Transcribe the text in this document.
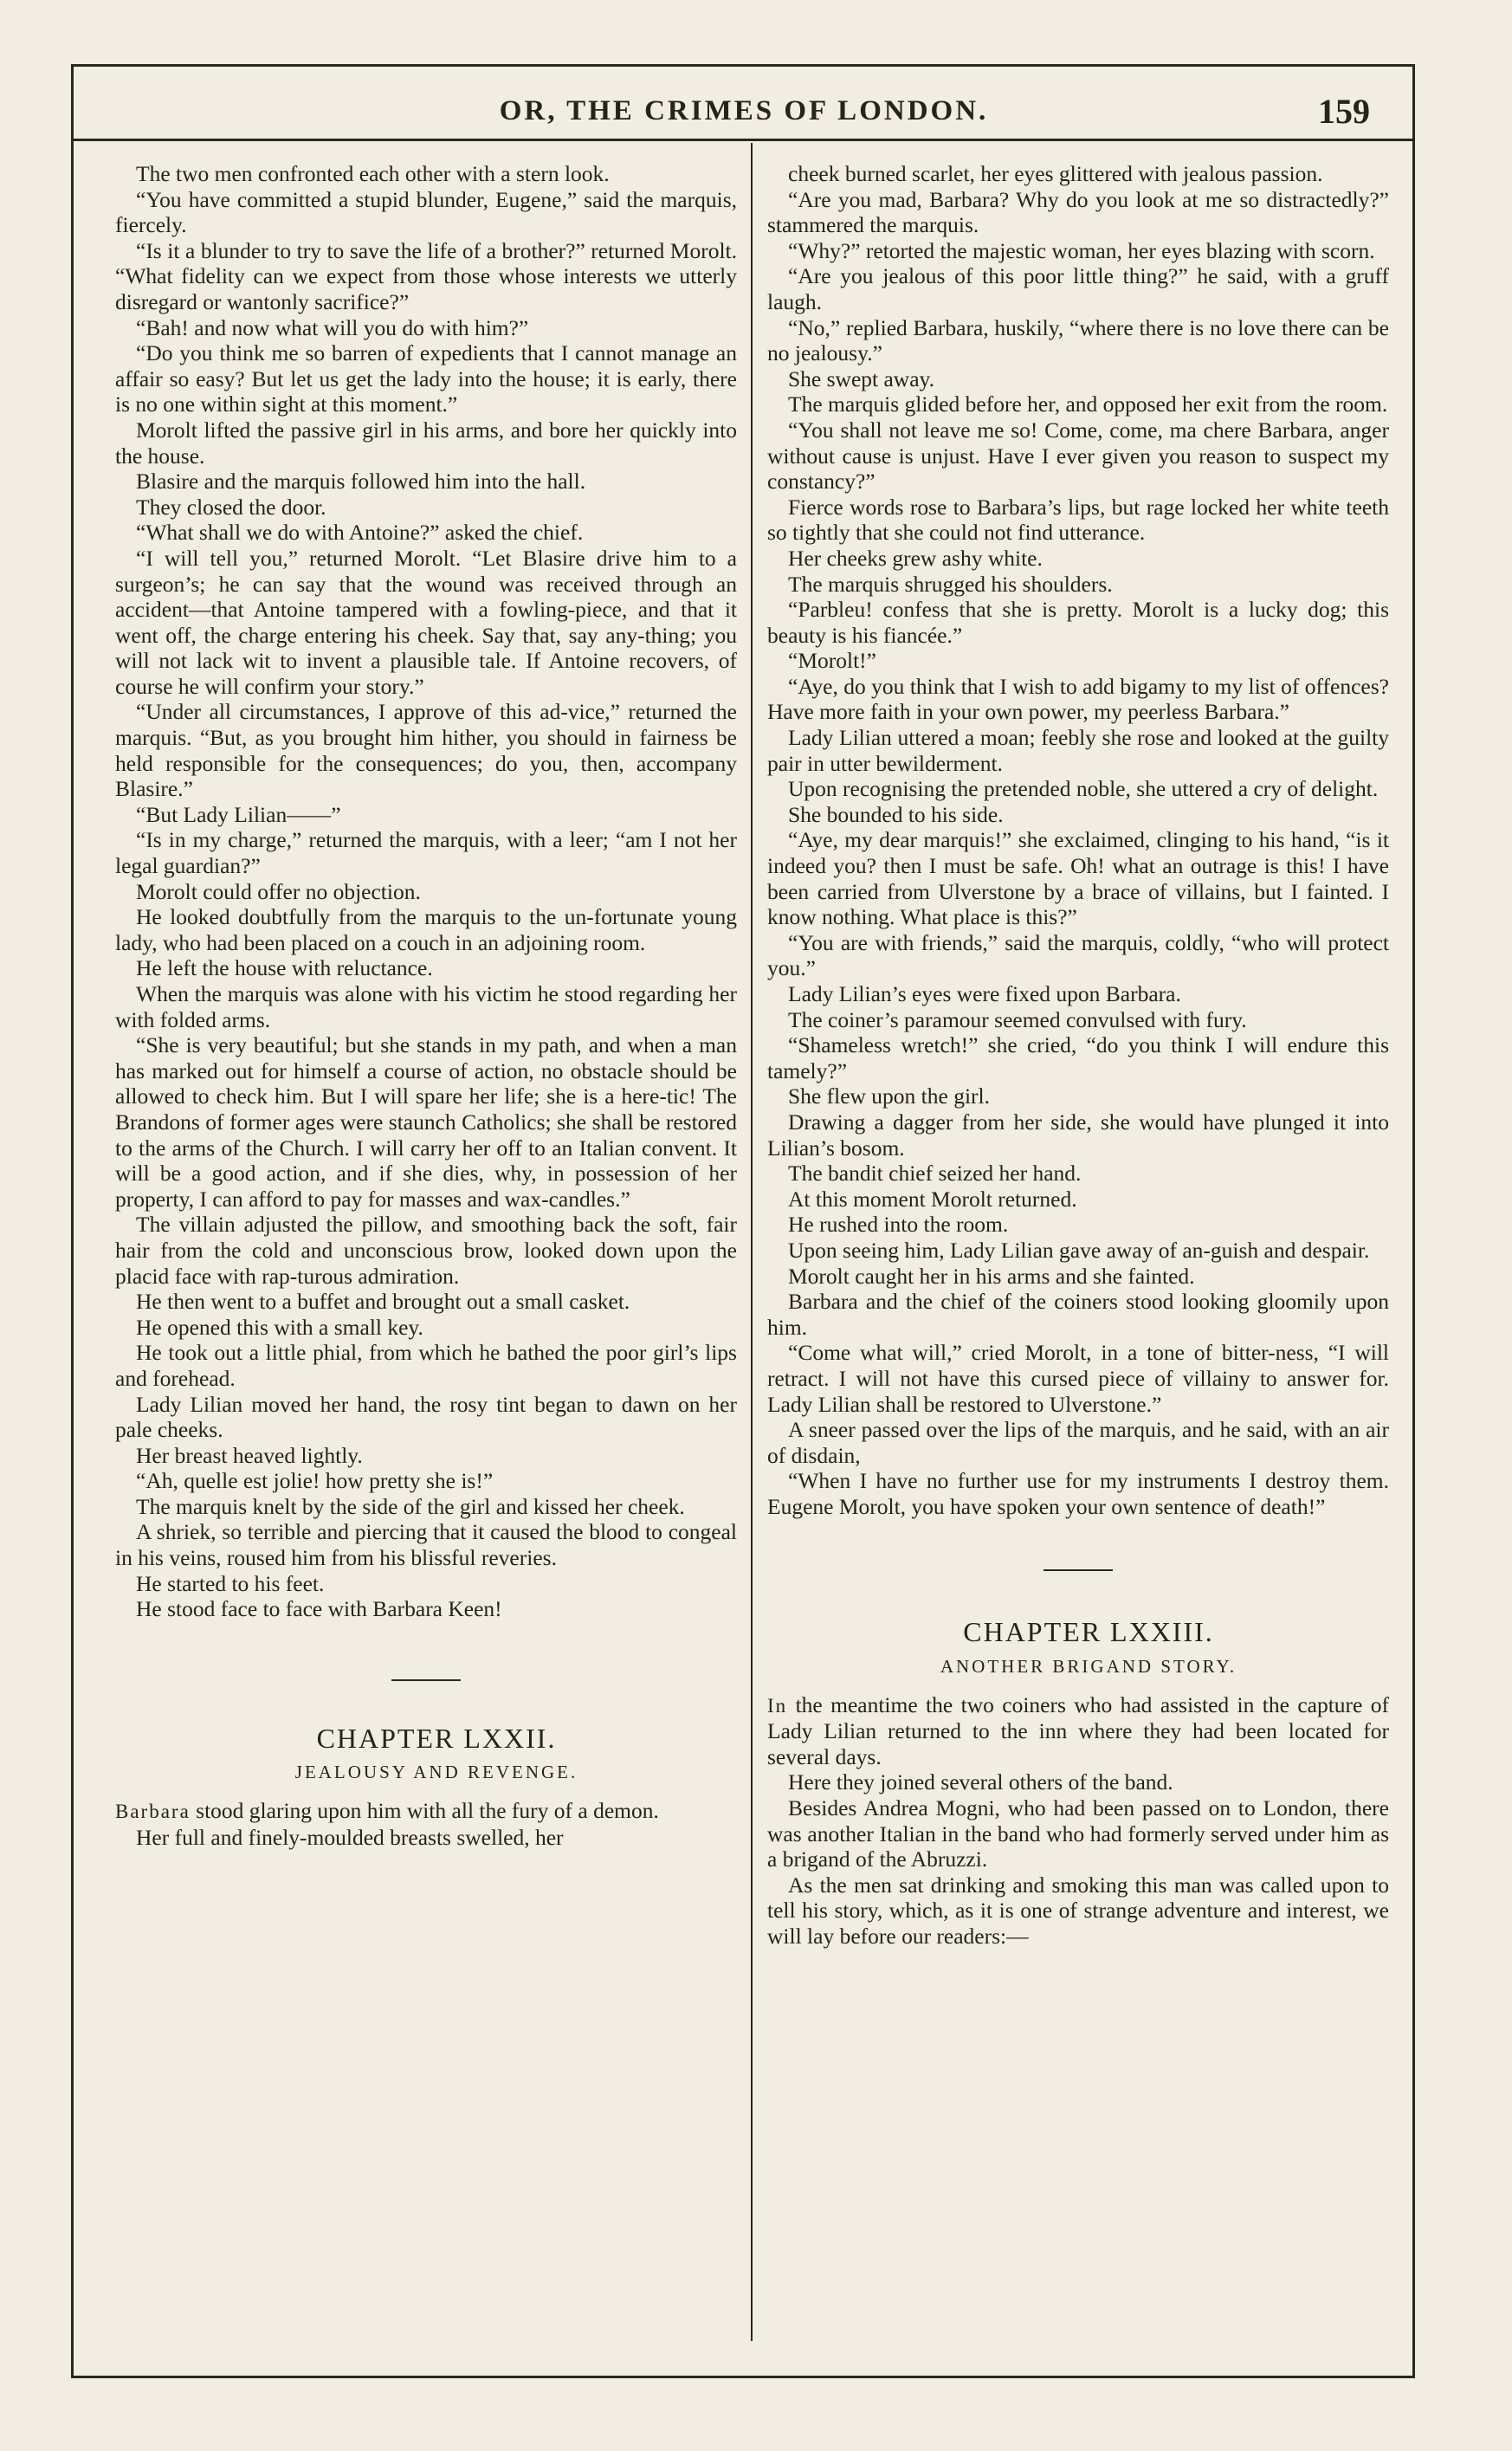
OR, THE CRIMES OF LONDON.	159

The two men confronted each other with a stern look.

“You have committed a stupid blunder, Eugene,” said the marquis, fiercely.

“Is it a blunder to try to save the life of a brother?” returned Morolt. “What fidelity can we expect from those whose interests we utterly disregard or wantonly sacrifice?”

“Bah! and now what will you do with him?”

“Do you think me so barren of expedients that I cannot manage an affair so easy? But let us get the lady into the house; it is early, there is no one within sight at this moment.”

Morolt lifted the passive girl in his arms, and bore her quickly into the house.

Blasire and the marquis followed him into the hall.

They closed the door.

“What shall we do with Antoine?” asked the chief.

“I will tell you,” returned Morolt. “Let Blasire drive him to a surgeon’s; he can say that the wound was received through an accident—that Antoine tampered with a fowling-piece, and that it went off, the charge entering his cheek. Say that, say any-thing; you will not lack wit to invent a plausible tale. If Antoine recovers, of course he will confirm your story.”

“Under all circumstances, I approve of this ad-vice,” returned the marquis. “But, as you brought him hither, you should in fairness be held responsible for the consequences; do you, then, accompany Blasire.”

“But Lady Lilian——”

“Is in my charge,” returned the marquis, with a leer; “am I not her legal guardian?”

Morolt could offer no objection.

He looked doubtfully from the marquis to the un-fortunate young lady, who had been placed on a couch in an adjoining room.

He left the house with reluctance.

When the marquis was alone with his victim he stood regarding her with folded arms.

“She is very beautiful; but she stands in my path, and when a man has marked out for himself a course of action, no obstacle should be allowed to check him. But I will spare her life; she is a here-tic! The Brandons of former ages were staunch Catholics; she shall be restored to the arms of the Church. I will carry her off to an Italian convent. It will be a good action, and if she dies, why, in possession of her property, I can afford to pay for masses and wax-candles.”

The villain adjusted the pillow, and smoothing back the soft, fair hair from the cold and unconscious brow, looked down upon the placid face with rap-turous admiration.

He then went to a buffet and brought out a small casket.

He opened this with a small key.

He took out a little phial, from which he bathed the poor girl’s lips and forehead.

Lady Lilian moved her hand, the rosy tint began to dawn on her pale cheeks.

Her breast heaved lightly.

“Ah, quelle est jolie! how pretty she is!”

The marquis knelt by the side of the girl and kissed her cheek.

A shriek, so terrible and piercing that it caused the blood to congeal in his veins, roused him from his blissful reveries.

He started to his feet.

He stood face to face with Barbara Keen!

CHAPTER LXXII.

JEALOUSY AND REVENGE.

Barbara stood glaring upon him with all the fury of a demon.

Her full and finely-moulded breasts swelled, her

cheek burned scarlet, her eyes glittered with jealous passion.

“Are you mad, Barbara? Why do you look at me so distractedly?” stammered the marquis.

“Why?” retorted the majestic woman, her eyes blazing with scorn.

“Are you jealous of this poor little thing?” he said, with a gruff laugh.

“No,” replied Barbara, huskily, “where there is no love there can be no jealousy.”

She swept away.

The marquis glided before her, and opposed her exit from the room.

“You shall not leave me so! Come, come, ma chere Barbara, anger without cause is unjust. Have I ever given you reason to suspect my constancy?”

Fierce words rose to Barbara’s lips, but rage locked her white teeth so tightly that she could not find utterance.

Her cheeks grew ashy white.

The marquis shrugged his shoulders.

“Parbleu! confess that she is pretty. Morolt is a lucky dog; this beauty is his fiancée.”

“Morolt!”

“Aye, do you think that I wish to add bigamy to my list of offences? Have more faith in your own power, my peerless Barbara.”

Lady Lilian uttered a moan; feebly she rose and looked at the guilty pair in utter bewilderment.

Upon recognising the pretended noble, she uttered a cry of delight.

She bounded to his side.

“Aye, my dear marquis!” she exclaimed, clinging to his hand, “is it indeed you? then I must be safe. Oh! what an outrage is this! I have been carried from Ulverstone by a brace of villains, but I fainted. I know nothing. What place is this?”

“You are with friends,” said the marquis, coldly, “who will protect you.”

Lady Lilian’s eyes were fixed upon Barbara.

The coiner’s paramour seemed convulsed with fury.

“Shameless wretch!” she cried, “do you think I will endure this tamely?”

She flew upon the girl.

Drawing a dagger from her side, she would have plunged it into Lilian’s bosom.

The bandit chief seized her hand.

At this moment Morolt returned.

He rushed into the room.

Upon seeing him, Lady Lilian gave away of an-guish and despair.

Morolt caught her in his arms and she fainted.

Barbara and the chief of the coiners stood looking gloomily upon him.

“Come what will,” cried Morolt, in a tone of bitter-ness, “I will retract. I will not have this cursed piece of villainy to answer for. Lady Lilian shall be restored to Ulverstone.”

A sneer passed over the lips of the marquis, and he said, with an air of disdain,

“When I have no further use for my instruments I destroy them. Eugene Morolt, you have spoken your own sentence of death!”

CHAPTER LXXIII.

ANOTHER BRIGAND STORY.

In the meantime the two coiners who had assisted in the capture of Lady Lilian returned to the inn where they had been located for several days.

Here they joined several others of the band.

Besides Andrea Mogni, who had been passed on to London, there was another Italian in the band who had formerly served under him as a brigand of the Abruzzi.

As the men sat drinking and smoking this man was called upon to tell his story, which, as it is one of strange adventure and interest, we will lay before our readers:—
